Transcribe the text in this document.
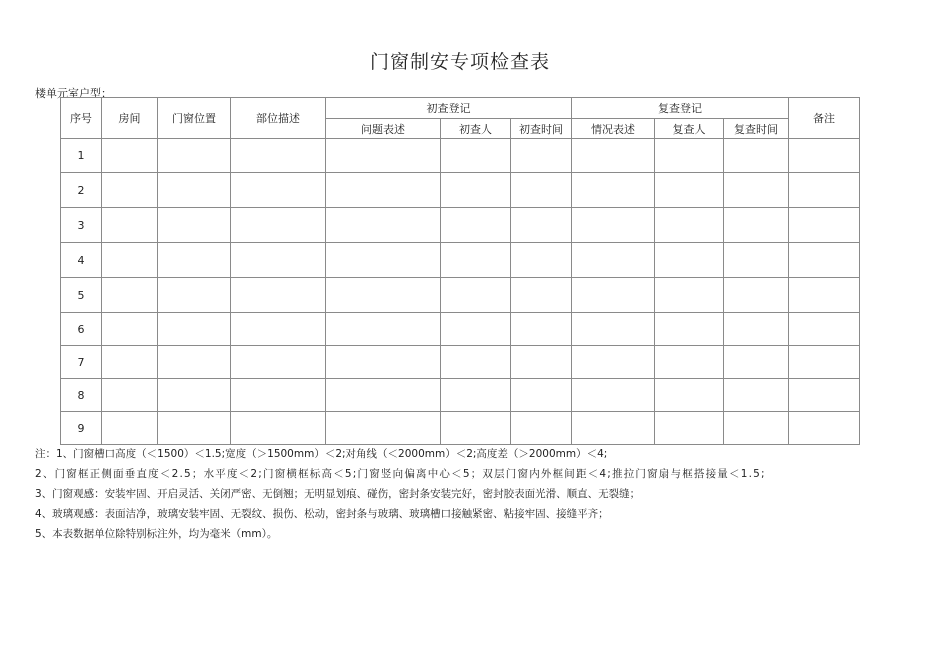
门窗制安专项检查表
楼单元室户型：
序号	房间	门窗位置	部位描述	初查登记			复查登记			备注
				问题表述	初查人	初查时间	情况表述	复查人	复查时间	
1										
2										
3										
4										
5										
6										
7										
8										
9										
注：1、门窗槽口高度（＜1500）＜1.5;宽度（＞1500mm）＜2;对角线（＜2000mm）＜2;高度差（＞2000mm）＜4;
2、门窗框正侧面垂直度＜2.5；水平度＜2;门窗横框标高＜5;门窗竖向偏离中心＜5；双层门窗内外框间距＜4;推拉门窗扇与框搭接量＜1.5;
3、门窗观感：安装牢固、开启灵活、关闭严密、无倒翘；无明显划痕、碰伤，密封条安装完好，密封胶表面光滑、顺直、无裂缝；
4、玻璃观感：表面洁净，玻璃安装牢固、无裂纹、损伤、松动，密封条与玻璃、玻璃槽口接触紧密、粘接牢固、接缝平齐；
5、本表数据单位除特别标注外，均为毫米（mm）。
